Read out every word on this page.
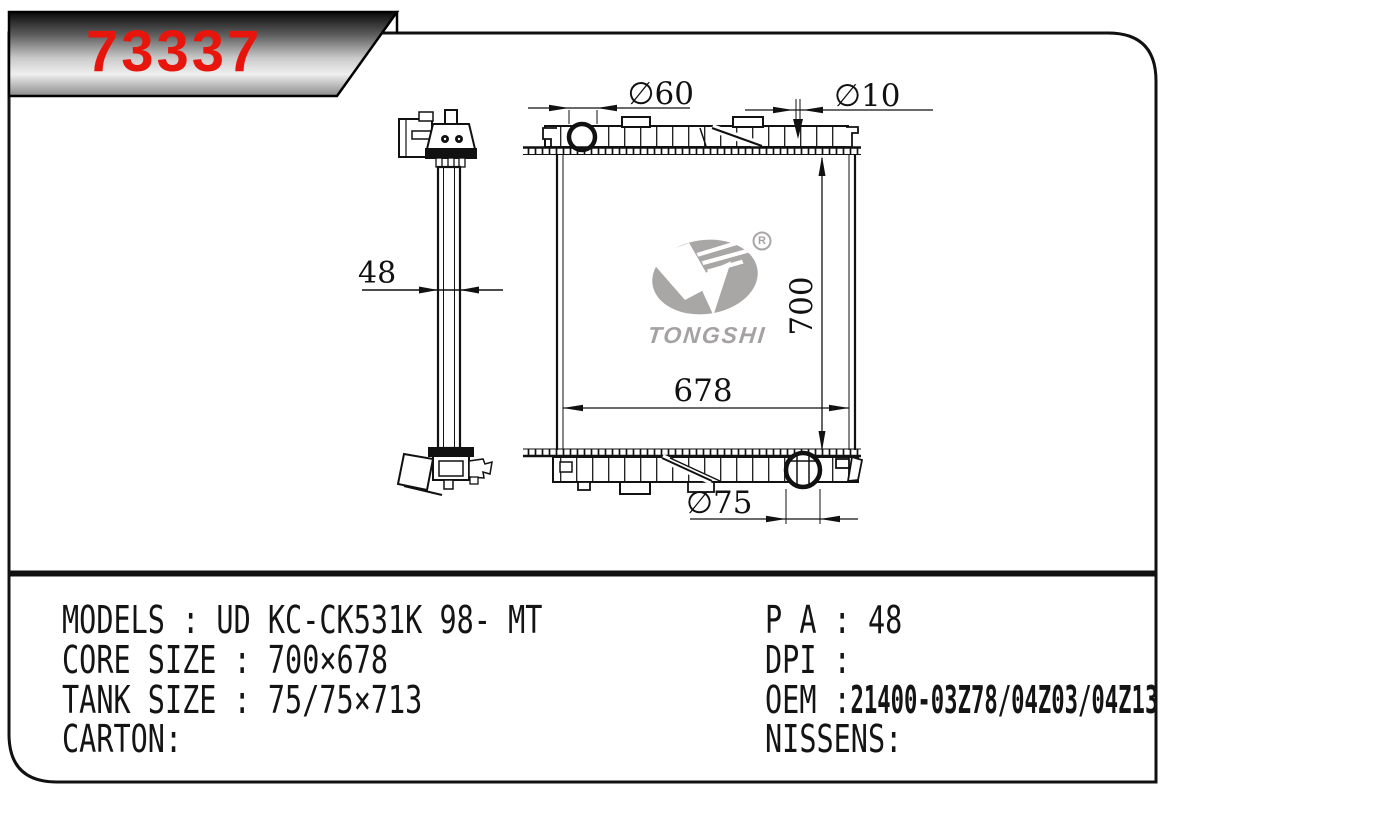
73337
∅60	∅10
48
700
678
∅75
TONGSHI
R
MODELS : UD KC-CK531K 98- MT
CORE SIZE : 700×678
TANK SIZE : 75/75×713
CARTON:
P A : 48
DPI :
OEM :21400-03Z78/04Z03/04Z13
NISSENS:
